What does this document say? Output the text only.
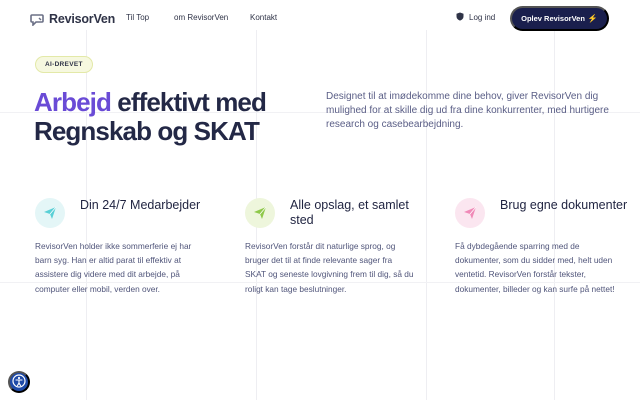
RevisorVen Til Top	om RevisorVen	Kontakt	Log ind	Oplev RevisorVen ⚡
AI-DREVET
Arbejd effektivt med
Regnskab og SKAT

Designet til at imødekomme dine behov, giver RevisorVen dig mulighed for at skille dig ud fra dine konkurrenter, med hurtigere research og casebearbejdning.

Din 24/7 Medarbejder

RevisorVen holder ikke sommerferie ej har barn syg. Han er altid parat til effektiv at assistere dig videre med dit arbejde, på computer eller mobil, verden over.

Alle opslag, et samlet sted

RevisorVen forstår dit naturlige sprog, og bruger det til at finde relevante sager fra SKAT og seneste lovgivning frem til dig, så du roligt kan tage beslutninger.

Brug egne dokumenter

Få dybdegående sparring med de dokumenter, som du sidder med, helt uden ventetid. RevisorVen forstår tekster, dokumenter, billeder og kan surfe på nettet!
